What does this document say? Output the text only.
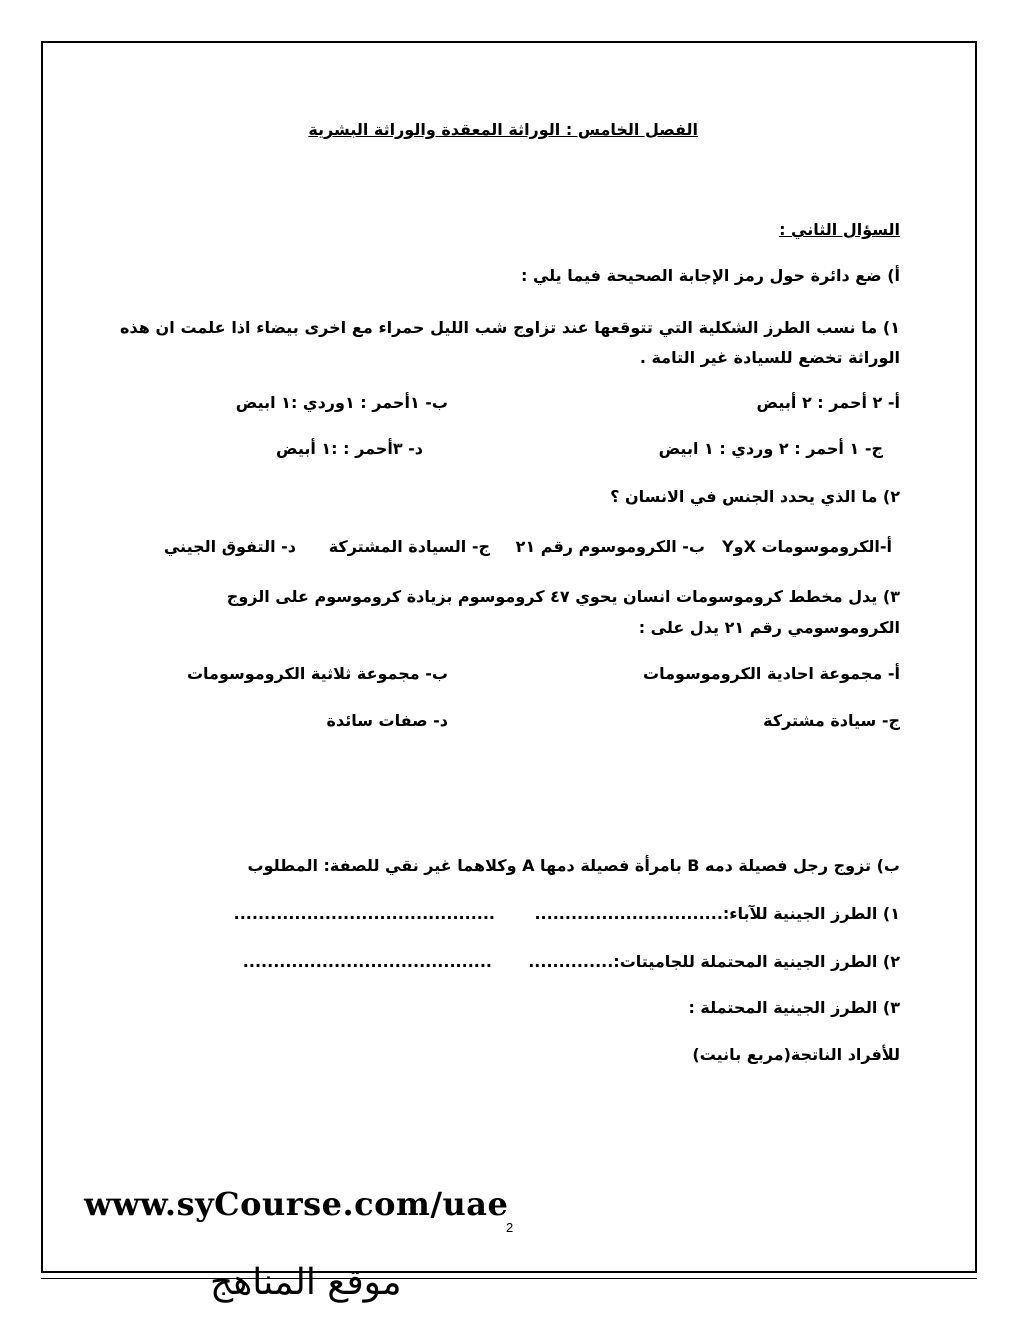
الفصل الخامس : الوراثة المعقدة والوراثة البشرية
السؤال الثاني :
أ) ضع دائرة حول رمز الإجابة الصحيحة فيما يلي :
١) ما نسب الطرز الشكلية التي تتوقعها عند تزاوج شب الليل حمراء مع اخرى بيضاء اذا علمت ان هذه الوراثة تخضع للسيادة غير التامة .
أ- ٢ أحمر : ٢ أبيض
ب- ١أحمر : ١وردي :١ ابيض
ج- ١ أحمر : ٢ وردي : ١ ابيض
د- ٣أحمر : :١ أبيض
٢) ما الذي يحدد الجنس في الانسان ؟
أ-الكروموسومات XوY
ب- الكروموسوم رقم ٢١
ج- السيادة المشتركة
د- التفوق الجيني
٣) يدل مخطط كروموسومات انسان يحوي ٤٧ كروموسوم بزيادة كروموسوم على الزوج
الكروموسومي رقم ٢١ يدل على :
أ- مجموعة احادية الكروموسومات
ب- مجموعة ثلاثية الكروموسومات
ج- سيادة مشتركة
د- صفات سائدة
ب) تزوج رجل فصيلة دمه B بامرأة فصيلة دمها A وكلاهما غير نقي للصفة: المطلوب
١) الطرز الجينية للآباء:...............................
...........................................
٢) الطرز الجينية المحتملة للجاميتات:..............
.........................................
٣) الطرز الجينية المحتملة :
للأفراد الناتجة(مربع بانيت)
www.syCourse.com/uae
2
موقع المناهج
